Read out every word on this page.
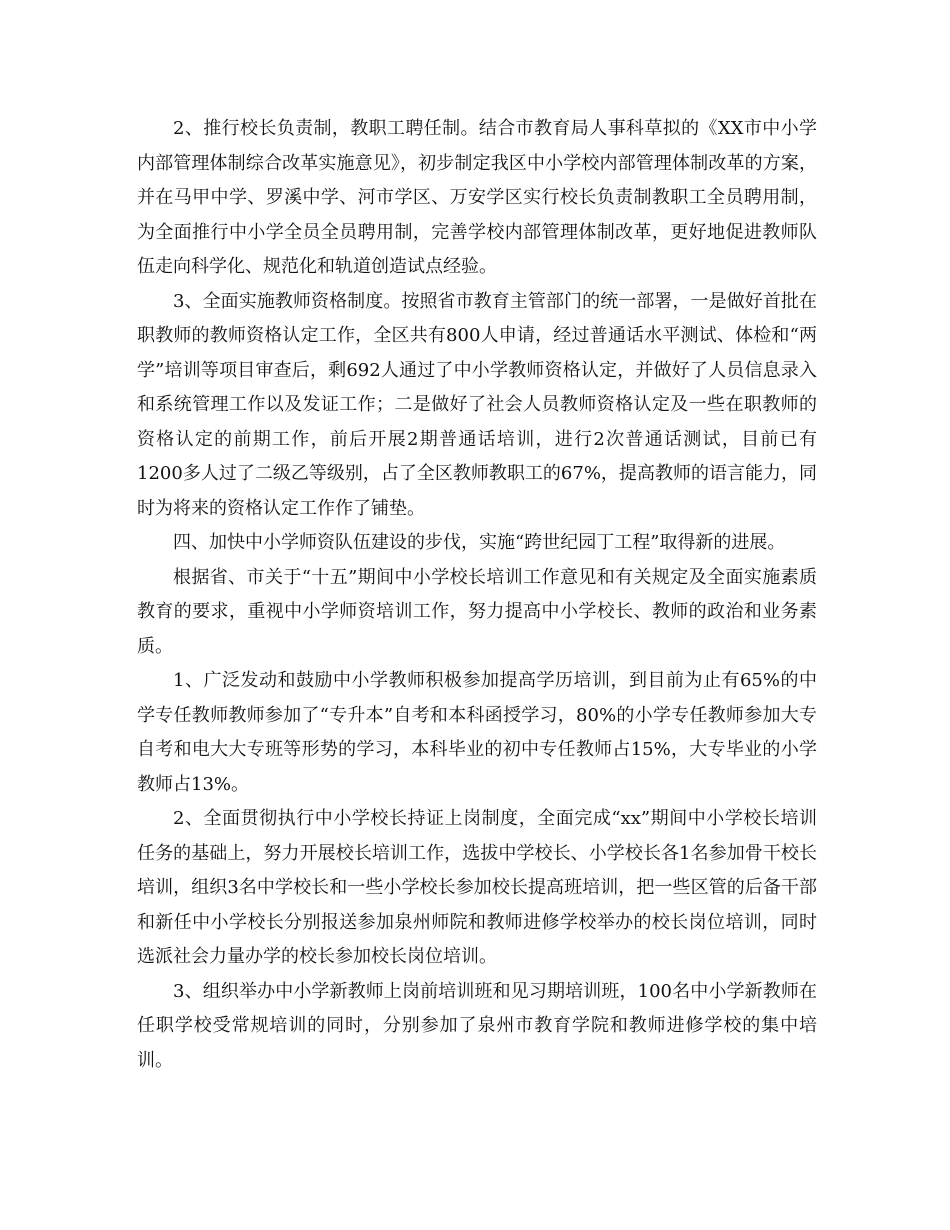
2、推行校长负责制，教职工聘任制。结合市教育局人事科草拟的《XX市中小学内部管理体制综合改革实施意见》，初步制定我区中小学校内部管理体制改革的方案，并在马甲中学、罗溪中学、河市学区、万安学区实行校长负责制教职工全员聘用制，为全面推行中小学全员全员聘用制，完善学校内部管理体制改革，更好地促进教师队伍走向科学化、规范化和轨道创造试点经验。

3、全面实施教师资格制度。按照省市教育主管部门的统一部署，一是做好首批在职教师的教师资格认定工作，全区共有800人申请，经过普通话水平测试、体检和“两学”培训等项目审查后，剩692人通过了中小学教师资格认定，并做好了人员信息录入和系统管理工作以及发证工作；二是做好了社会人员教师资格认定及一些在职教师的资格认定的前期工作，前后开展2期普通话培训，进行2次普通话测试，目前已有1200多人过了二级乙等级别，占了全区教师教职工的67%，提高教师的语言能力，同时为将来的资格认定工作作了铺垫。

四、加快中小学师资队伍建设的步伐，实施“跨世纪园丁工程”取得新的进展。

根据省、市关于“十五”期间中小学校长培训工作意见和有关规定及全面实施素质教育的要求，重视中小学师资培训工作，努力提高中小学校长、教师的政治和业务素质。

1、广泛发动和鼓励中小学教师积极参加提高学历培训，到目前为止有65%的中学专任教师教师参加了“专升本”自考和本科函授学习，80%的小学专任教师参加大专自考和电大大专班等形势的学习，本科毕业的初中专任教师占15%，大专毕业的小学教师占13%。

2、全面贯彻执行中小学校长持证上岗制度，全面完成“xx”期间中小学校长培训任务的基础上，努力开展校长培训工作，选拔中学校长、小学校长各1名参加骨干校长培训，组织3名中学校长和一些小学校长参加校长提高班培训，把一些区管的后备干部和新任中小学校长分别报送参加泉州师院和教师进修学校举办的校长岗位培训，同时选派社会力量办学的校长参加校长岗位培训。

3、组织举办中小学新教师上岗前培训班和见习期培训班，100名中小学新教师在任职学校受常规培训的同时，分别参加了泉州市教育学院和教师进修学校的集中培训。
